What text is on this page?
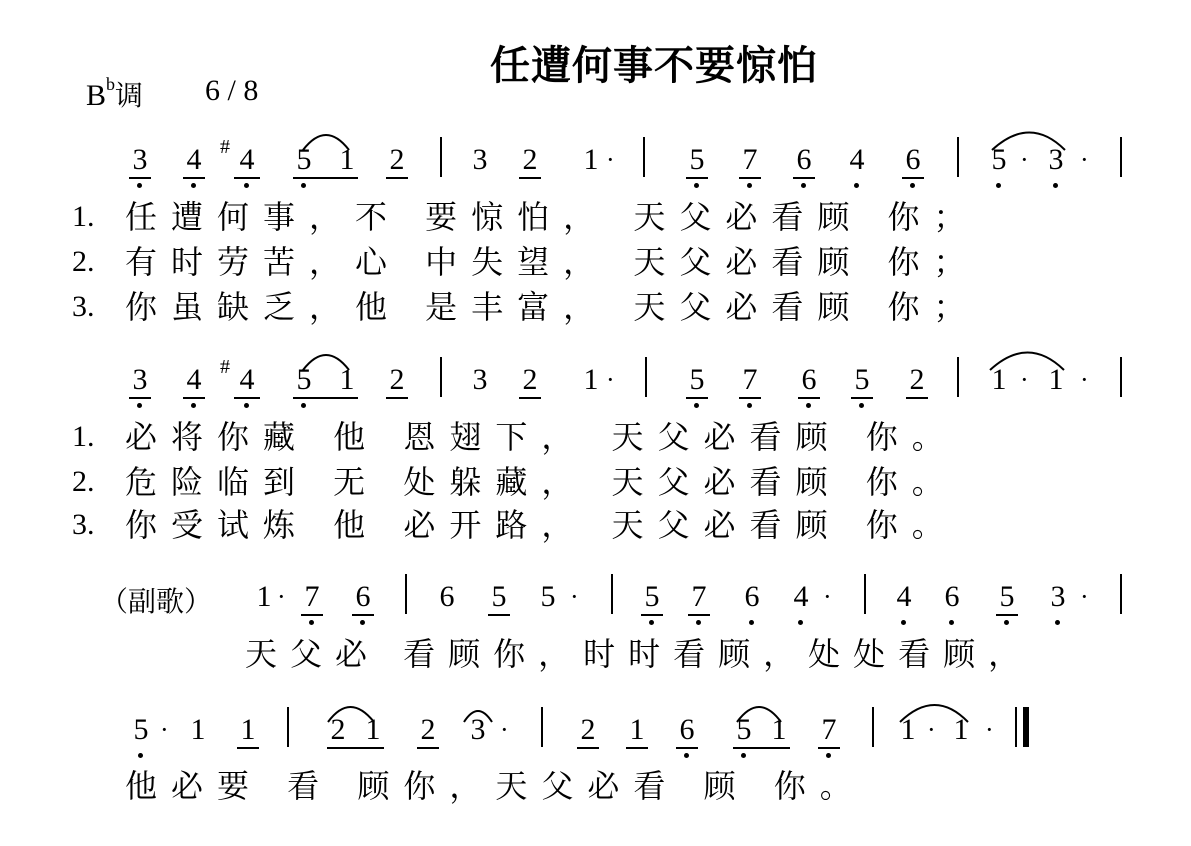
任遭何事不要惊怕
$B^b$调 6 / 8
3 4 # 4 5 1 2 3 2 1 · 5 7 6 4 6 5 · 3 ·
1. 任遭何事，不 要惊怕， 天父必看顾 你；
2. 有时劳苦，心 中失望， 天父必看顾 你；
3. 你虽缺乏，他 是丰富， 天父必看顾 你；
3 4 # 4 5 1 2 3 2 1 · 5 7 6 5 2 1 · 1 ·
1. 必将你藏 他 恩翅下， 天父必看顾 你。
2. 危险临到 无 处躲藏， 天父必看顾 你。
3. 你受试炼 他 必开路， 天父必看顾 你。
（副歌） 1 · 7 6 6 5 5 · 5 7 6 4 · 4 6 5 3 ·
天父必 看顾你，时时看顾，处处看顾，
5 · 1 1	2 1 2 3 · 2 1 6 5 1 7 1 · 1 ·
他必要 看 顾你，天父必看 顾 你。
